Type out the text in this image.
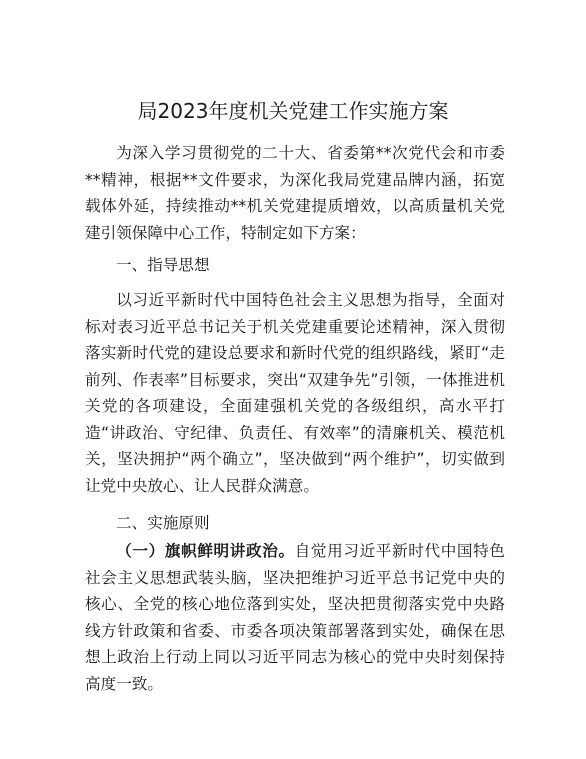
局2023年度机关党建工作实施方案
为深入学习贯彻党的二十大、省委第**次党代会和市委**精神，根据**文件要求，为深化我局党建品牌内涵，拓宽载体外延，持续推动**机关党建提质增效，以高质量机关党建引领保障中心工作，特制定如下方案：
一、指导思想
以习近平新时代中国特色社会主义思想为指导，全面对标对表习近平总书记关于机关党建重要论述精神，深入贯彻落实新时代党的建设总要求和新时代党的组织路线，紧盯“走前列、作表率”目标要求，突出“双建争先”引领，一体推进机关党的各项建设，全面建强机关党的各级组织，高水平打造“讲政治、守纪律、负责任、有效率”的清廉机关、模范机关，坚决拥护“两个确立”，坚决做到“两个维护”，切实做到让党中央放心、让人民群众满意。
二、实施原则
（一）旗帜鲜明讲政治。自觉用习近平新时代中国特色社会主义思想武装头脑，坚决把维护习近平总书记党中央的核心、全党的核心地位落到实处，坚决把贯彻落实党中央路线方针政策和省委、市委各项决策部署落到实处，确保在思想上政治上行动上同以习近平同志为核心的党中央时刻保持高度一致。
